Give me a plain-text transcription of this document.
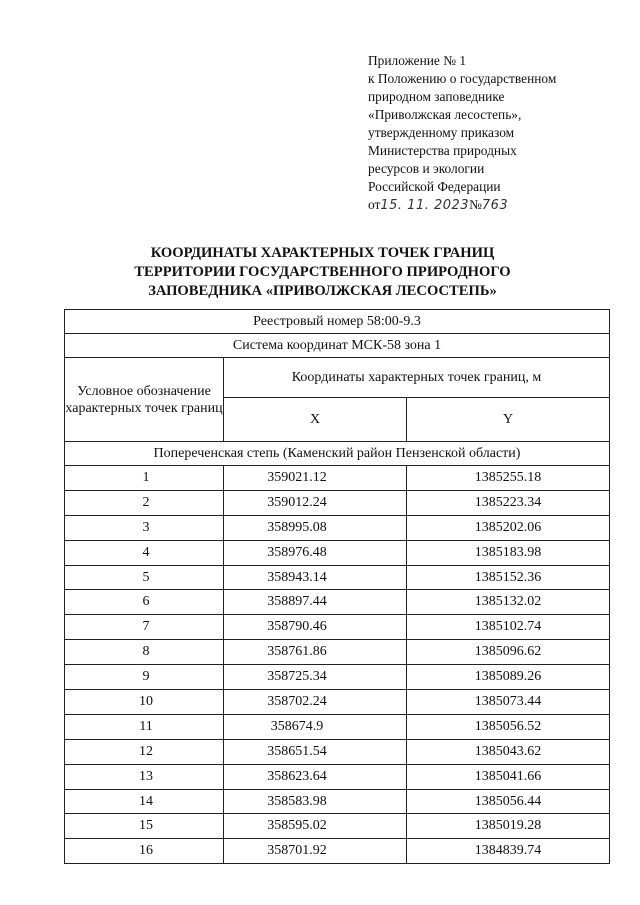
Приложение № 1
к Положению о государственном
природном заповеднике
«Приволжская лесостепь»,
утвержденному приказом
Министерства природных
ресурсов и экологии
Российской Федерации
от15. 11. 2023№763
КООРДИНАТЫ ХАРАКТЕРНЫХ ТОЧЕК ГРАНИЦ
ТЕРРИТОРИИ ГОСУДАРСТВЕННОГО ПРИРОДНОГО
ЗАПОВЕДНИКА «ПРИВОЛЖСКАЯ ЛЕСОСТЕПЬ»
Реестровый номер 58:00-9.3		
Система координат МСК-58 зона 1		
Условное обозначение характерных точек границ	Координаты характерных точек границ, м	
	X	Y
Попереченская степь (Каменский район Пензенской области)		
1	359021.12	1385255.18
2	359012.24	1385223.34
3	358995.08	1385202.06
4	358976.48	1385183.98
5	358943.14	1385152.36
6	358897.44	1385132.02
7	358790.46	1385102.74
8	358761.86	1385096.62
9	358725.34	1385089.26
10	358702.24	1385073.44
11	358674.9	1385056.52
12	358651.54	1385043.62
13	358623.64	1385041.66
14	358583.98	1385056.44
15	358595.02	1385019.28
16	358701.92	1384839.74
